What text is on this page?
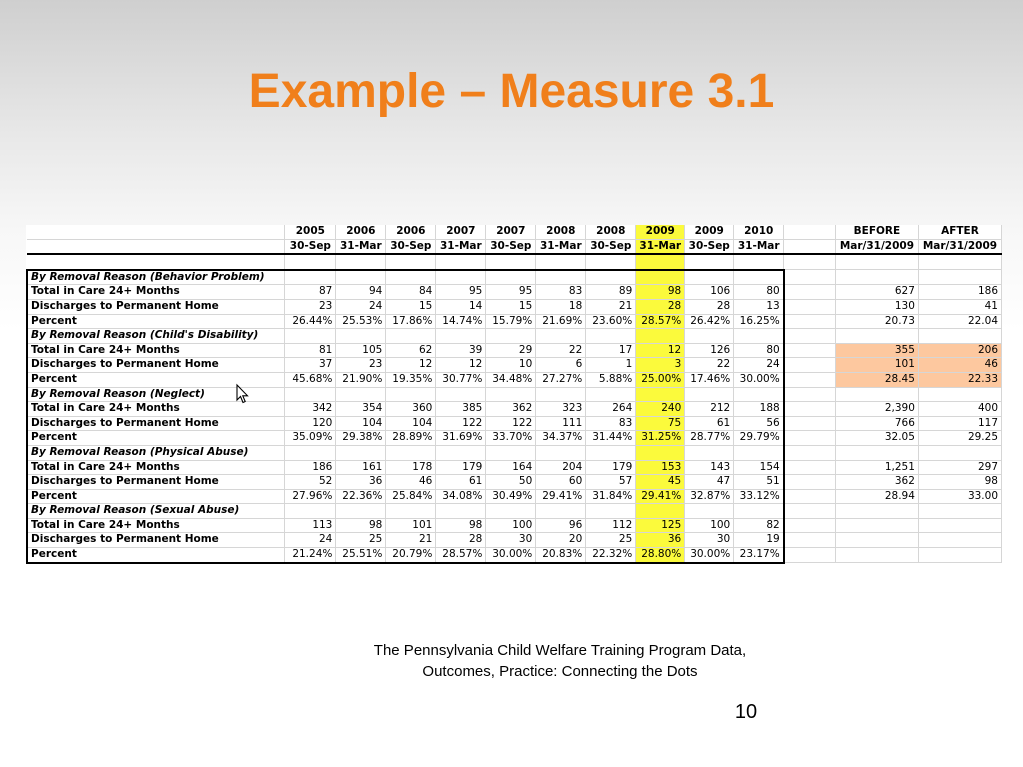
Example – Measure 3.1
	2005	2006	2006	2007	2007	2008	2008	2009	2009	2010		BEFORE	AFTER
	30-Sep	31-Mar	30-Sep	31-Mar	30-Sep	31-Mar	30-Sep	31-Mar	30-Sep	31-Mar		Mar/31/2009	Mar/31/2009

By Removal Reason (Behavior Problem)													
Total in Care 24+ Months	87	94	84	95	95	83	89	98	106	80		627	186
Discharges to Permanent Home	23	24	15	14	15	18	21	28	28	13		130	41
Percent	26.44%	25.53%	17.86%	14.74%	15.79%	21.69%	23.60%	28.57%	26.42%	16.25%		20.73	22.04
By Removal Reason (Child's Disability)													
Total in Care 24+ Months	81	105	62	39	29	22	17	12	126	80		355	206
Discharges to Permanent Home	37	23	12	12	10	6	1	3	22	24		101	46
Percent	45.68%	21.90%	19.35%	30.77%	34.48%	27.27%	5.88%	25.00%	17.46%	30.00%		28.45	22.33
By Removal Reason (Neglect)													
Total in Care 24+ Months	342	354	360	385	362	323	264	240	212	188		2,390	400
Discharges to Permanent Home	120	104	104	122	122	111	83	75	61	56		766	117
Percent	35.09%	29.38%	28.89%	31.69%	33.70%	34.37%	31.44%	31.25%	28.77%	29.79%		32.05	29.25
By Removal Reason (Physical Abuse)													
Total in Care 24+ Months	186	161	178	179	164	204	179	153	143	154		1,251	297
Discharges to Permanent Home	52	36	46	61	50	60	57	45	47	51		362	98
Percent	27.96%	22.36%	25.84%	34.08%	30.49%	29.41%	31.84%	29.41%	32.87%	33.12%		28.94	33.00
By Removal Reason (Sexual Abuse)													
Total in Care 24+ Months	113	98	101	98	100	96	112	125	100	82			
Discharges to Permanent Home	24	25	21	28	30	20	25	36	30	19			
Percent	21.24%	25.51%	20.79%	28.57%	30.00%	20.83%	22.32%	28.80%	30.00%	23.17%			
The Pennsylvania Child Welfare Training Program Data,
Outcomes, Practice: Connecting the Dots
10
